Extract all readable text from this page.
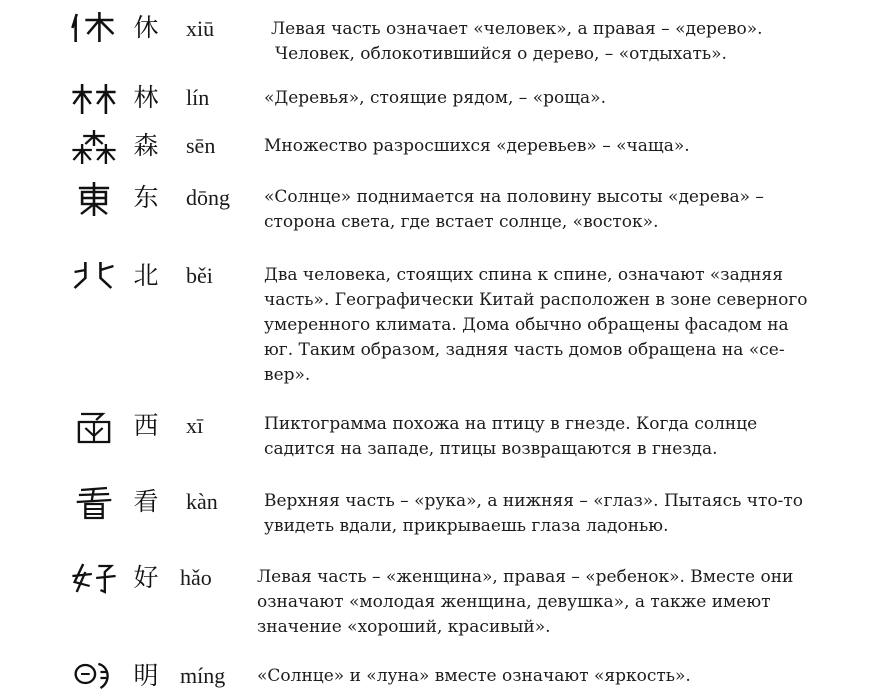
休 xiū	Левая часть означает «человек», а правая – «дерево».
Человек, облокотившийся о дерево, – «отдыхать».
林 lín	«Деревья», стоящие рядом, – «роща».
森 sēn	Множество разросшихся «деревьев» – «чаща».
东 dōng «Солнце» поднимается на половину высоты «дерева» –
сторона света, где встает солнце, «восток».
北 běi	Два человека, стоящих спина к спине, означают «задняя
часть». Географически Китай расположен в зоне северного
умеренного климата. Дома обычно обращены фасадом на
юг. Таким образом, задняя часть домов обращена на «се-
вер».
西 xī	Пиктограмма похожа на птицу в гнезде. Когда солнце
садится на западе, птицы возвращаются в гнезда.
看 kàn	Верхняя часть – «рука», а нижняя – «глаз». Пытаясь что-то
увидеть вдали, прикрываешь глаза ладонью.
好 hǎo	Левая часть – «женщина», правая – «ребенок». Вместе они
означают «молодая женщина, девушка», а также имеют
значение «хороший, красивый».
明 míng «Солнце» и «луна» вместе означают «яркость».
